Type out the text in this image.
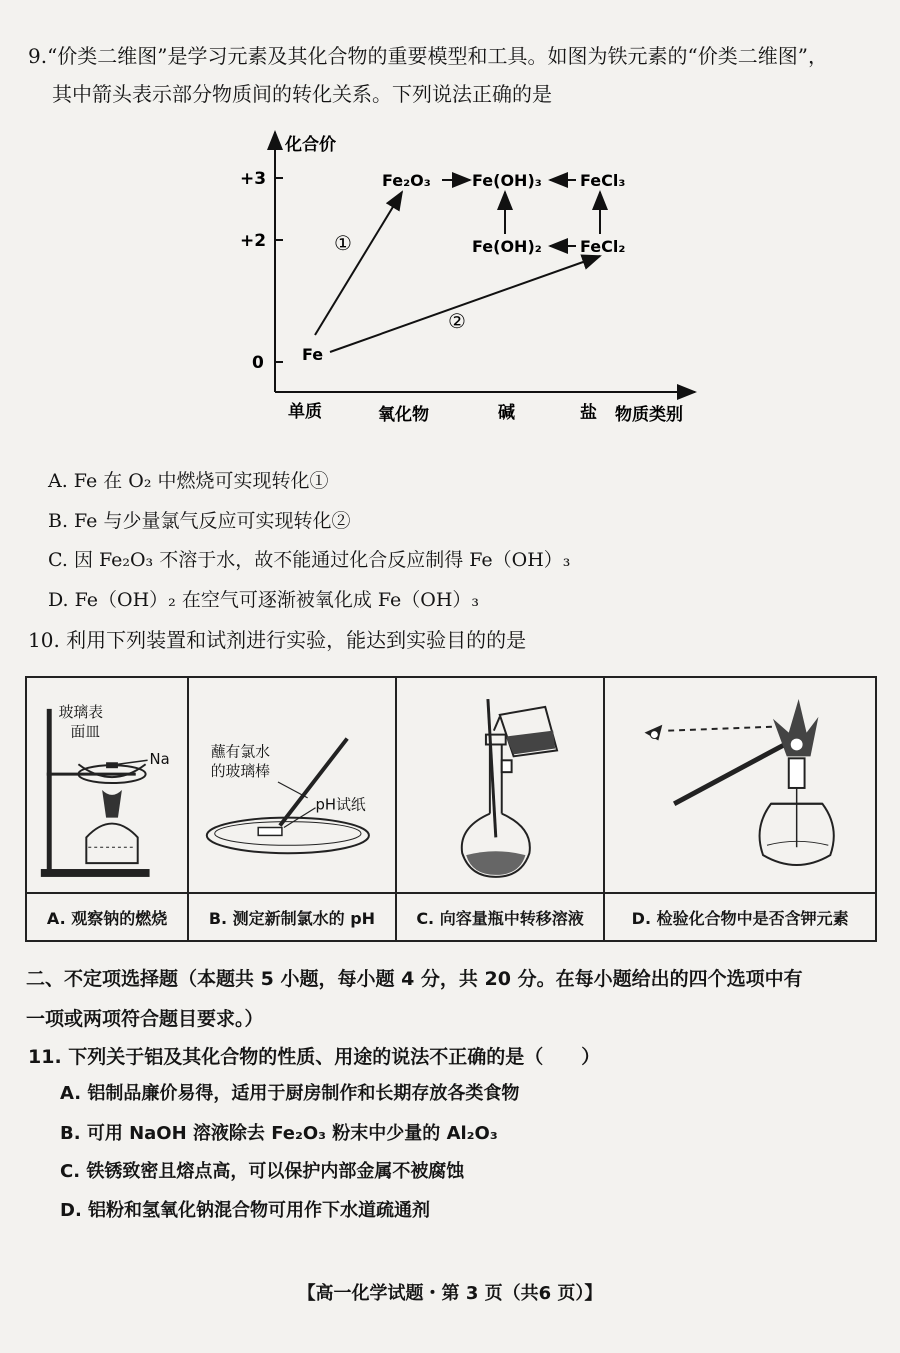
9.“价类二维图”是学习元素及其化合物的重要模型和工具。如图为铁元素的“价类二维图”，
其中箭头表示部分物质间的转化关系。下列说法正确的是
化合价
物质类别
+3
+2
0
单质	氧化物	碱	盐
Fe
Fe₂O₃	Fe(OH)₃ FeCl₃
Fe(OH)₂ FeCl₂
①
②
A. Fe 在 O₂ 中燃烧可实现转化①
B. Fe 与少量氯气反应可实现转化②
C. 因 Fe₂O₃ 不溶于水，故不能通过化合反应制得 Fe（OH）₃
D. Fe（OH）₂ 在空气可逐渐被氧化成 Fe（OH）₃
10. 利用下列装置和试剂进行实验，能达到实验目的的是
玻璃表
面皿
Na	蘸有氯水
的玻璃棒
pH试纸

A. 观察钠的燃烧	B. 测定新制氯水的 pH	C. 向容量瓶中转移溶液	D. 检验化合物中是否含钾元素
二、不定项选择题（本题共 5 小题，每小题 4 分，共 20 分。在每小题给出的四个选项中有
一项或两项符合题目要求。）
11. 下列关于铝及其化合物的性质、用途的说法不正确的是（　　）
A. 铝制品廉价易得，适用于厨房制作和长期存放各类食物
B. 可用 NaOH 溶液除去 Fe₂O₃ 粉末中少量的 Al₂O₃
C. 铁锈致密且熔点高，可以保护内部金属不被腐蚀
D. 铝粉和氢氧化钠混合物可用作下水道疏通剂
【高一化学试题・第 3 页（共6 页）】
